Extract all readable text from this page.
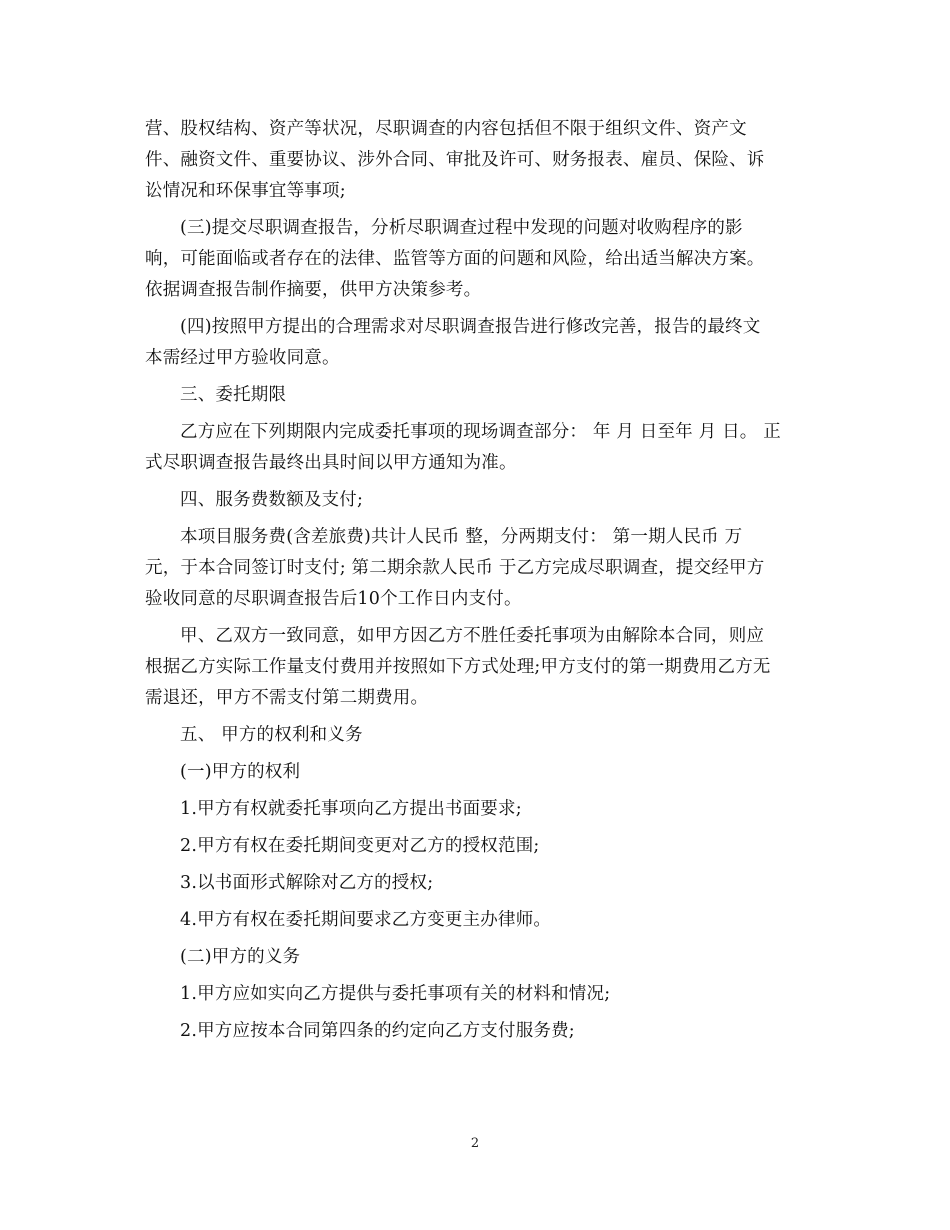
营、股权结构、资产等状况，尽职调查的内容包括但不限于组织文件、资产文
件、融资文件、重要协议、涉外合同、审批及许可、财务报表、雇员、保险、诉
讼情况和环保事宜等事项;
(三)提交尽职调查报告，分析尽职调查过程中发现的问题对收购程序的影
响，可能面临或者存在的法律、监管等方面的问题和风险，给出适当解决方案。
依据调查报告制作摘要，供甲方决策参考。
(四)按照甲方提出的合理需求对尽职调查报告进行修改完善，报告的最终文
本需经过甲方验收同意。
三、委托期限
乙方应在下列期限内完成委托事项的现场调查部分： 年 月 日至年 月 日。 正
式尽职调查报告最终出具时间以甲方通知为准。
四、服务费数额及支付;
本项目服务费(含差旅费)共计人民币 整，分两期支付： 第一期人民币 万
元，于本合同签订时支付; 第二期余款人民币 于乙方完成尽职调查，提交经甲方
验收同意的尽职调查报告后10个工作日内支付。
甲、乙双方一致同意，如甲方因乙方不胜任委托事项为由解除本合同，则应
根据乙方实际工作量支付费用并按照如下方式处理;甲方支付的第一期费用乙方无
需退还，甲方不需支付第二期费用。
五、 甲方的权利和义务
(一)甲方的权利
1.甲方有权就委托事项向乙方提出书面要求;
2.甲方有权在委托期间变更对乙方的授权范围;
3.以书面形式解除对乙方的授权;
4.甲方有权在委托期间要求乙方变更主办律师。
(二)甲方的义务
1.甲方应如实向乙方提供与委托事项有关的材料和情况;
2.甲方应按本合同第四条的约定向乙方支付服务费;
2
